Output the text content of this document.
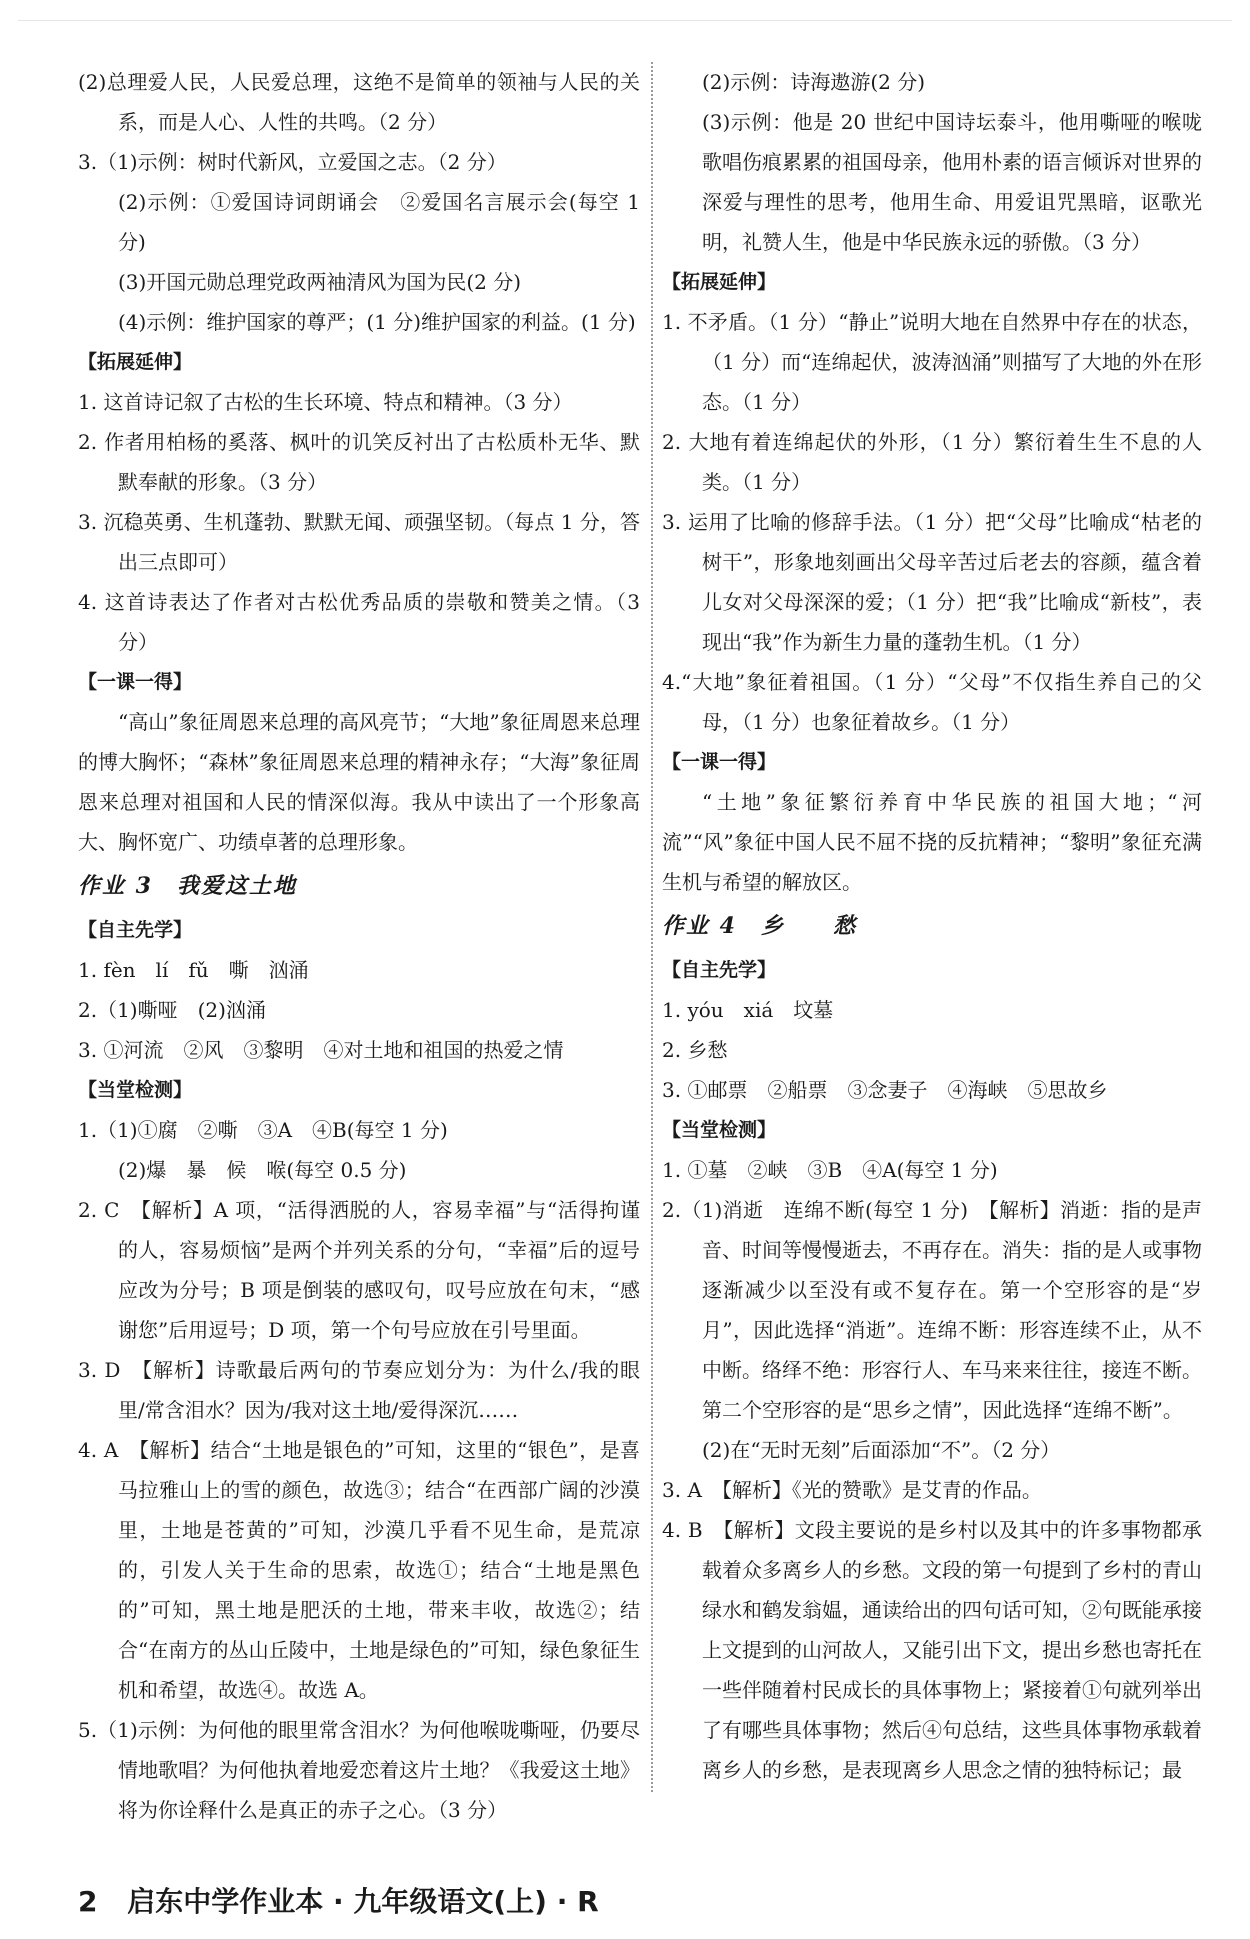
(2)总理爱人民，人民爱总理，这绝不是简单的领袖与人民的关系，而是人心、人性的共鸣。（2 分）
3.（1)示例：树时代新风，立爱国之志。（2 分）
(2)示例：①爱国诗词朗诵会　②爱国名言展示会(每空 1 分)
(3)开国元勋总理党政两袖清风为国为民(2 分)
(4)示例：维护国家的尊严；(1 分)维护国家的利益。(1 分)
【拓展延伸】
1. 这首诗记叙了古松的生长环境、特点和精神。（3 分）
2. 作者用柏杨的奚落、枫叶的讥笑反衬出了古松质朴无华、默默奉献的形象。（3 分）
3. 沉稳英勇、生机蓬勃、默默无闻、顽强坚韧。（每点 1 分，答出三点即可）
4. 这首诗表达了作者对古松优秀品质的崇敬和赞美之情。（3 分）
【一课一得】
“高山”象征周恩来总理的高风亮节；“大地”象征周恩来总理的博大胸怀；“森林”象征周恩来总理的精神永存；“大海”象征周恩来总理对祖国和人民的情深似海。我从中读出了一个形象高大、胸怀宽广、功绩卓著的总理形象。
作业 3　我爱这土地
【自主先学】
1. fèn　lí　fǔ　嘶　汹涌
2.（1)嘶哑　(2)汹涌
3. ①河流　②风　③黎明　④对土地和祖国的热爱之情
【当堂检测】
1.（1)①腐　②嘶　③A　④B(每空 1 分)
(2)爆　暴　候　喉(每空 0.5 分)
2. C　【解析】A 项，“活得洒脱的人，容易幸福”与“活得拘谨的人，容易烦恼”是两个并列关系的分句，“幸福”后的逗号应改为分号；B 项是倒装的感叹句，叹号应放在句末，“感谢您”后用逗号；D 项，第一个句号应放在引号里面。
3. D　【解析】诗歌最后两句的节奏应划分为：为什么/我的眼里/常含泪水？因为/我对这土地/爱得深沉……
4. A　【解析】结合“土地是银色的”可知，这里的“银色”，是喜马拉雅山上的雪的颜色，故选③；结合“在西部广阔的沙漠里，土地是苍黄的”可知，沙漠几乎看不见生命，是荒凉的，引发人关于生命的思索，故选①；结合“土地是黑色的”可知，黑土地是肥沃的土地，带来丰收，故选②；结合“在南方的丛山丘陵中，土地是绿色的”可知，绿色象征生机和希望，故选④。故选 A。
5.（1)示例：为何他的眼里常含泪水？为何他喉咙嘶哑，仍要尽情地歌唱？为何他执着地爱恋着这片土地？《我爱这土地》将为你诠释什么是真正的赤子之心。（3 分）
(2)示例：诗海遨游(2 分)
(3)示例：他是 20 世纪中国诗坛泰斗，他用嘶哑的喉咙歌唱伤痕累累的祖国母亲，他用朴素的语言倾诉对世界的深爱与理性的思考，他用生命、用爱诅咒黑暗，讴歌光明，礼赞人生，他是中华民族永远的骄傲。（3 分）
【拓展延伸】
1. 不矛盾。（1 分）“静止”说明大地在自然界中存在的状态，（1 分）而“连绵起伏，波涛汹涌”则描写了大地的外在形态。（1 分）
2. 大地有着连绵起伏的外形，（1 分）繁衍着生生不息的人类。（1 分）
3. 运用了比喻的修辞手法。（1 分）把“父母”比喻成“枯老的树干”，形象地刻画出父母辛苦过后老去的容颜，蕴含着儿女对父母深深的爱；（1 分）把“我”比喻成“新枝”，表现出“我”作为新生力量的蓬勃生机。（1 分）
4.“大地”象征着祖国。（1 分）“父母”不仅指生养自己的父母，（1 分）也象征着故乡。（1 分）
【一课一得】
“土地”象征繁衍养育中华民族的祖国大地；“河流”“风”象征中国人民不屈不挠的反抗精神；“黎明”象征充满生机与希望的解放区。
作业 4　乡　　愁
【自主先学】
1. yóu　xiá　坟墓
2. 乡愁
3. ①邮票　②船票　③念妻子　④海峡　⑤思故乡
【当堂检测】
1. ①墓　②峡　③B　④A(每空 1 分)
2.（1)消逝　连绵不断(每空 1 分)　【解析】消逝：指的是声音、时间等慢慢逝去，不再存在。消失：指的是人或事物逐渐减少以至没有或不复存在。第一个空形容的是“岁月”，因此选择“消逝”。连绵不断：形容连续不止，从不中断。络绎不绝：形容行人、车马来来往往，接连不断。第二个空形容的是“思乡之情”，因此选择“连绵不断”。
(2)在“无时无刻”后面添加“不”。（2 分）
3. A　【解析】《光的赞歌》是艾青的作品。
4. B　【解析】文段主要说的是乡村以及其中的许多事物都承载着众多离乡人的乡愁。文段的第一句提到了乡村的青山绿水和鹤发翁媪，通读给出的四句话可知，②句既能承接上文提到的山河故人，又能引出下文，提出乡愁也寄托在一些伴随着村民成长的具体事物上；紧接着①句就列举出了有哪些具体事物；然后④句总结，这些具体事物承载着离乡人的乡愁，是表现离乡人思念之情的独特标记；最
2 启东中学作业本 · 九年级语文(上) · R
